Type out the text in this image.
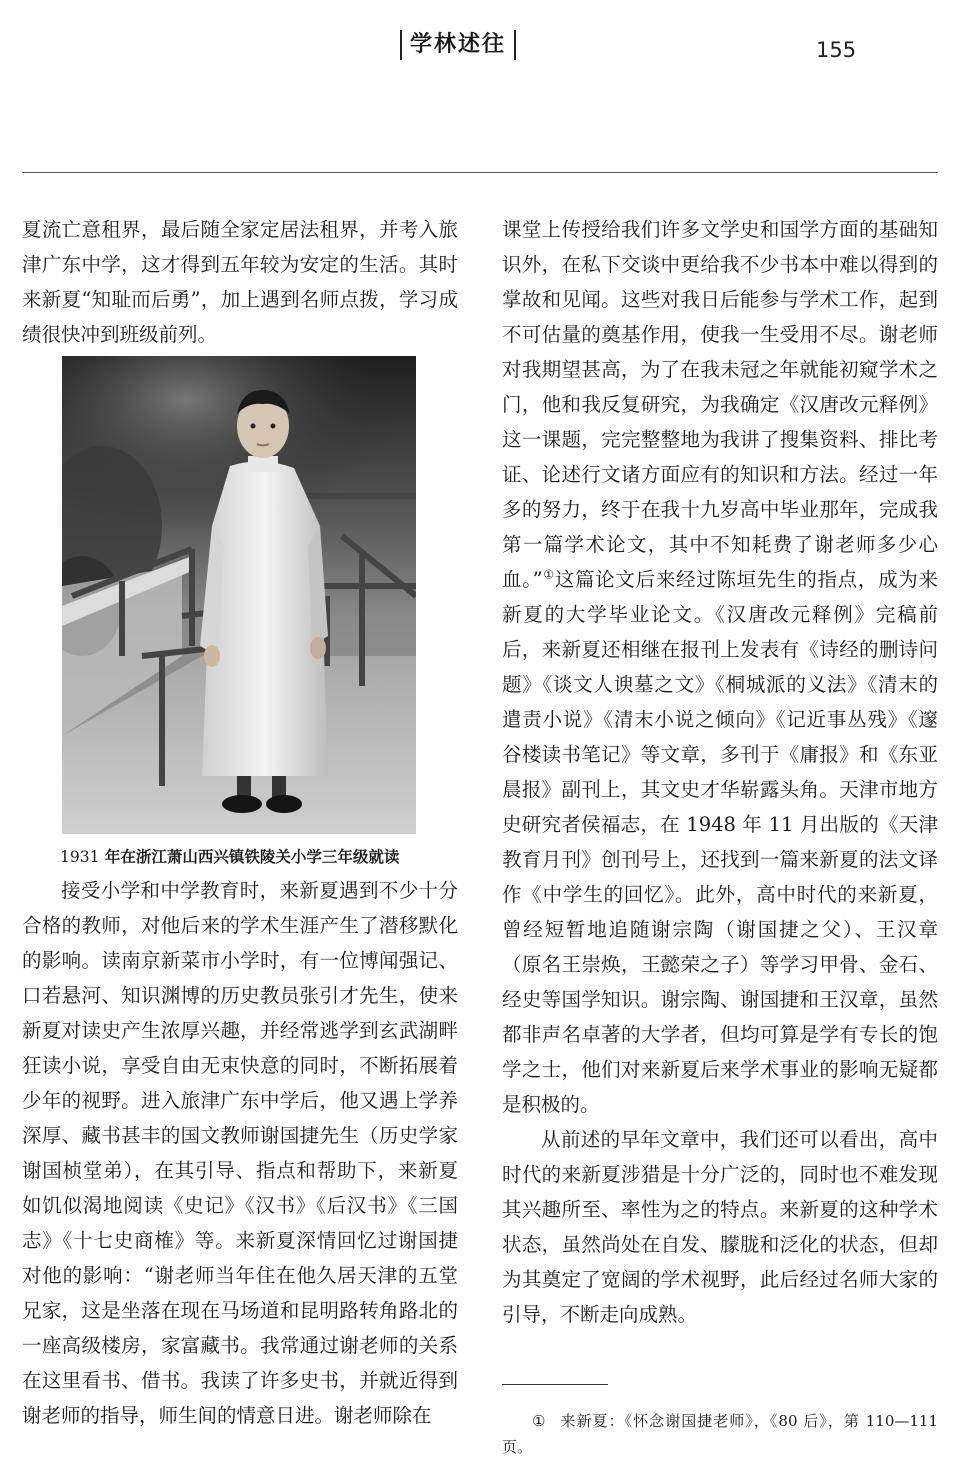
学林述往	155

夏流亡意租界，最后随全家定居法租界，并考入旅津广东中学，这才得到五年较为安定的生活。其时来新夏“知耻而后勇”，加上遇到名师点拨，学习成绩很快冲到班级前列。

1931 年在浙江萧山西兴镇铁陵关小学三年级就读

接受小学和中学教育时，来新夏遇到不少十分合格的教师，对他后来的学术生涯产生了潜移默化的影响。读南京新菜市小学时，有一位博闻强记、口若悬河、知识渊博的历史教员张引才先生，使来新夏对读史产生浓厚兴趣，并经常逃学到玄武湖畔狂读小说，享受自由无束快意的同时，不断拓展着少年的视野。进入旅津广东中学后，他又遇上学养深厚、藏书甚丰的国文教师谢国捷先生（历史学家谢国桢堂弟），在其引导、指点和帮助下，来新夏如饥似渴地阅读《史记》《汉书》《后汉书》《三国志》《十七史商榷》等。来新夏深情回忆过谢国捷对他的影响：“谢老师当年住在他久居天津的五堂兄家，这是坐落在现在马场道和昆明路转角路北的一座高级楼房，家富藏书。我常通过谢老师的关系在这里看书、借书。我读了许多史书，并就近得到谢老师的指导，师生间的情意日进。谢老师除在

课堂上传授给我们许多文学史和国学方面的基础知识外，在私下交谈中更给我不少书本中难以得到的掌故和见闻。这些对我日后能参与学术工作，起到不可估量的奠基作用，使我一生受用不尽。谢老师对我期望甚高，为了在我未冠之年就能初窥学术之门，他和我反复研究，为我确定《汉唐改元释例》这一课题，完完整整地为我讲了搜集资料、排比考证、论述行文诸方面应有的知识和方法。经过一年多的努力，终于在我十九岁高中毕业那年，完成我第一篇学术论文，其中不知耗费了谢老师多少心血。”①这篇论文后来经过陈垣先生的指点，成为来新夏的大学毕业论文。《汉唐改元释例》完稿前后，来新夏还相继在报刊上发表有《诗经的删诗问题》《谈文人谀墓之文》《桐城派的义法》《清末的遣责小说》《清末小说之倾向》《记近事丛残》《邃谷楼读书笔记》等文章，多刊于《庸报》和《东亚晨报》副刊上，其文史才华崭露头角。天津市地方史研究者侯福志，在 1948 年 11 月出版的《天津教育月刊》创刊号上，还找到一篇来新夏的法文译作《中学生的回忆》。此外，高中时代的来新夏，曾经短暂地追随谢宗陶（谢国捷之父）、王汉章（原名王崇焕，王懿荣之子）等学习甲骨、金石、经史等国学知识。谢宗陶、谢国捷和王汉章，虽然都非声名卓著的大学者，但均可算是学有专长的饱学之士，他们对来新夏后来学术事业的影响无疑都是积极的。

从前述的早年文章中，我们还可以看出，高中时代的来新夏涉猎是十分广泛的，同时也不难发现其兴趣所至、率性为之的特点。来新夏的这种学术状态，虽然尚处在自发、朦胧和泛化的状态，但却为其奠定了宽阔的学术视野，此后经过名师大家的引导，不断走向成熟。

① 来新夏：《怀念谢国捷老师》，《80 后》，第 110—111 页。
